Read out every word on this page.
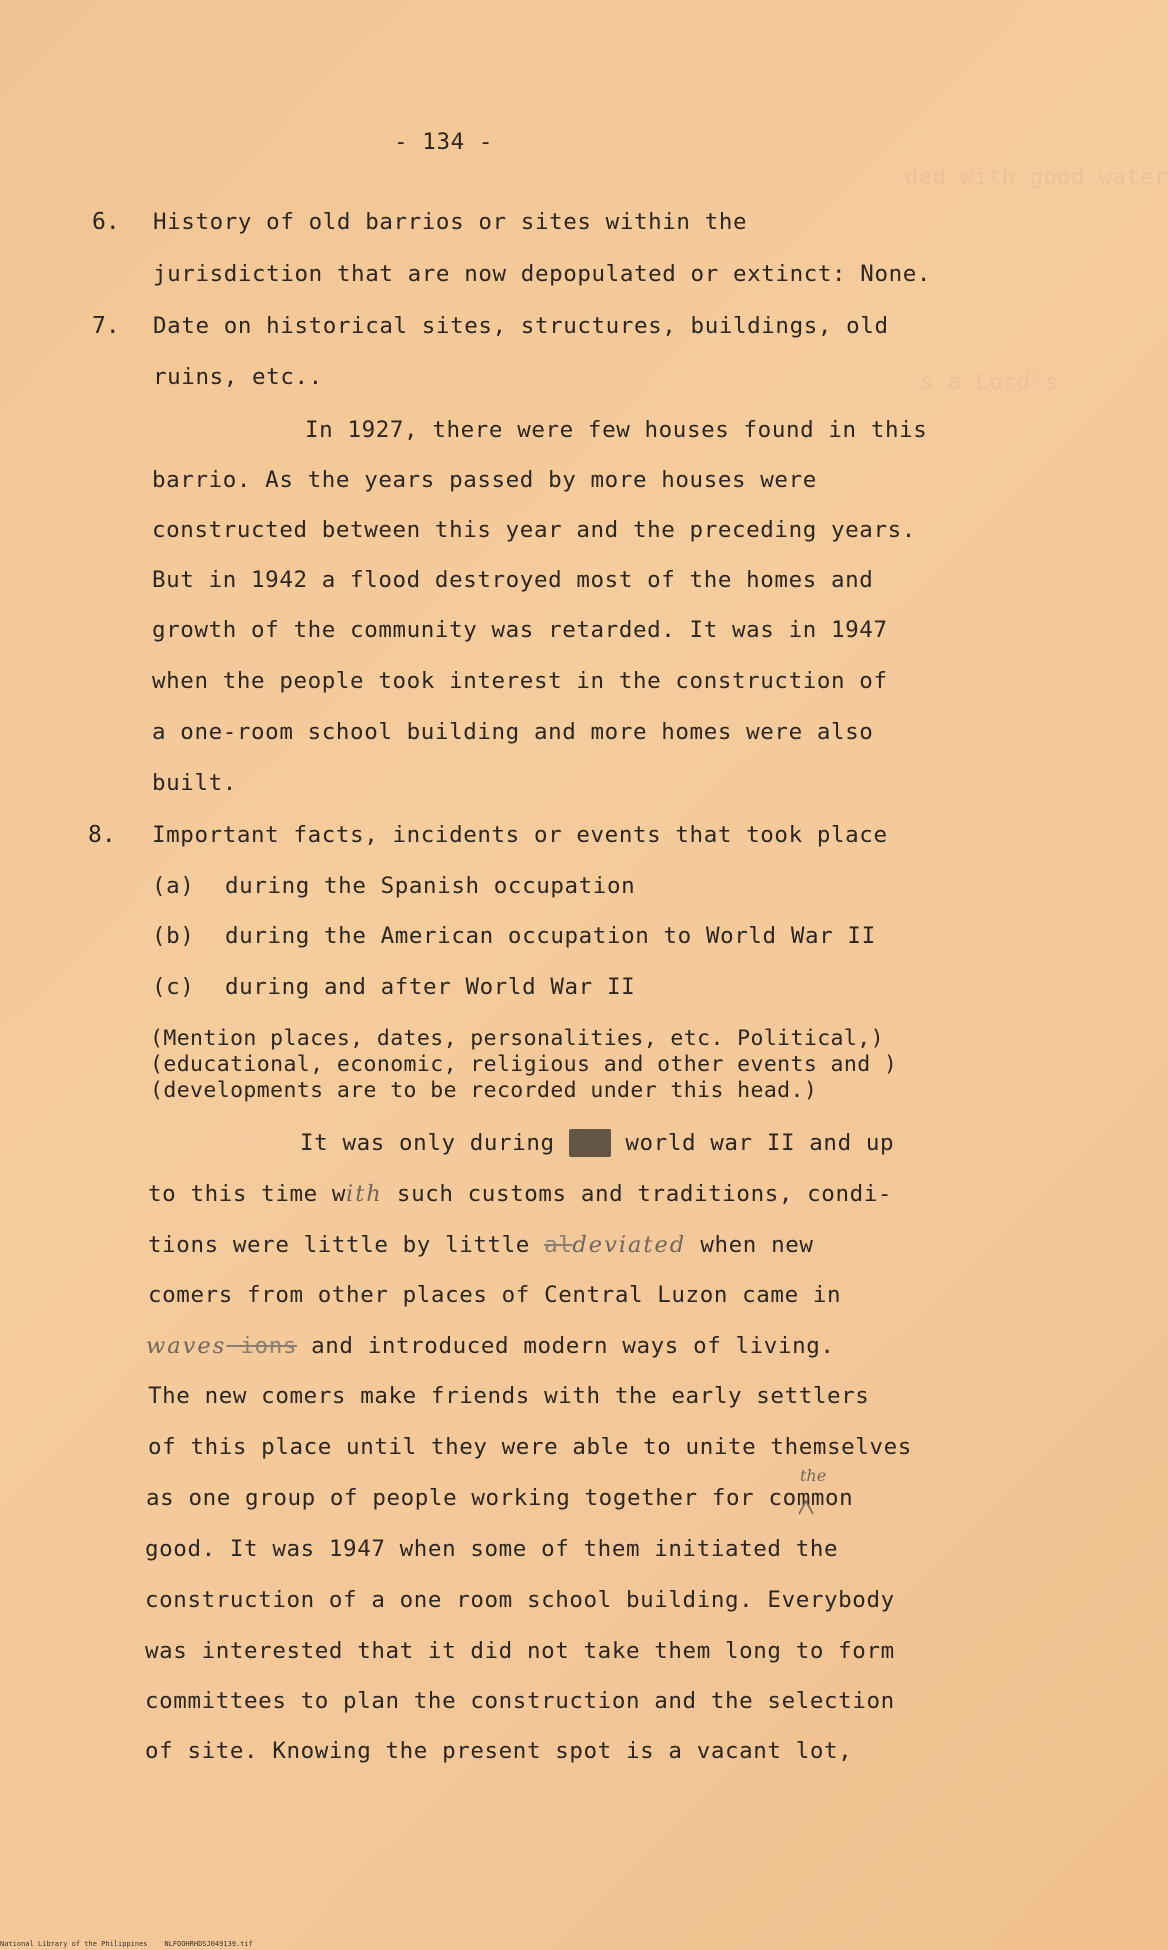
ded with good water
s a Lord's
- 134 -
6. History of old barrios or sites within the
jurisdiction that are now depopulated or extinct: None.
7. Date on historical sites, structures, buildings, old
ruins, etc..
In 1927, there were few houses found in this
barrio. As the years passed by more houses were
constructed between this year and the preceding years.
But in 1942 a flood destroyed most of the homes and
growth of the community was retarded. It was in 1947
when the people took interest in the construction of
a one-room school building and more homes were also
built.
8. Important facts, incidents or events that took place
(a) during the Spanish occupation
(b) during the American occupation to World War II
(c) during and after World War II
(Mention places, dates, personalities, etc. Political,)
(educational, economic, religious and other events and )
(developments are to be recorded under this head.)
It was only during  world war II and up
to this time with such customs and traditions, condi-
tions were little by little aldeviated when new
comers from other places of Central Luzon came in
waves ions and introduced modern ways of living.
The new comers make friends with the early settlers
of this place until they were able to unite themselves
as one group of people working together for common
the
good. It was 1947 when some of them initiated the
construction of a one room school building. Everybody
was interested that it did not take them long to form
committees to plan the construction and the selection
of site. Knowing the present spot is a vacant lot,
National Library of the Philippines    NLFOOHRHDSJ049139.tif
